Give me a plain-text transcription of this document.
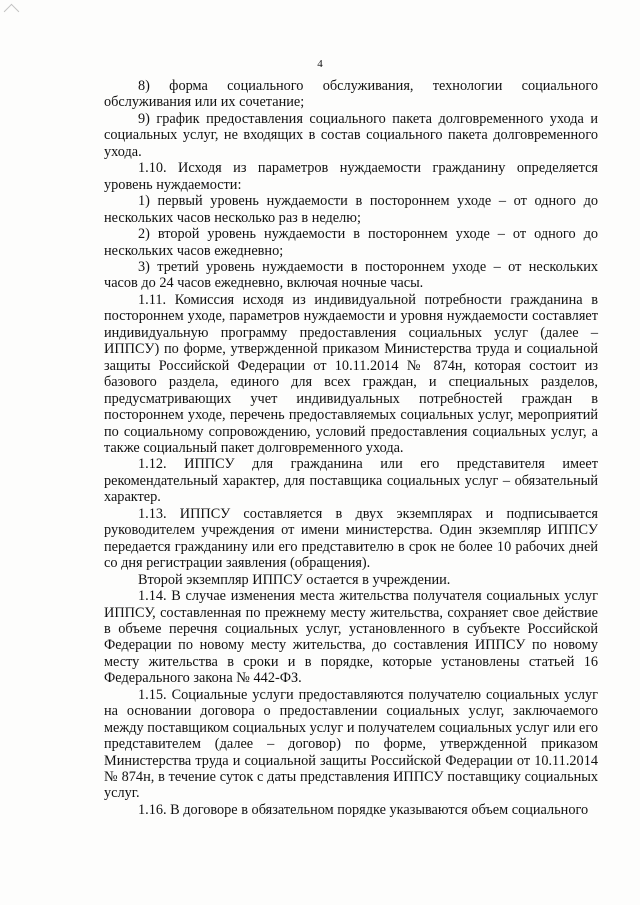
4

8) форма социального обслуживания, технологии социального обслуживания или их сочетание;

9) график предоставления социального пакета долговременного ухода и социальных услуг, не входящих в состав социального пакета долговременного ухода.

1.10. Исходя из параметров нуждаемости гражданину определяется уровень нуждаемости:

1) первый уровень нуждаемости в постороннем уходе – от одного до нескольких часов несколько раз в неделю;

2) второй уровень нуждаемости в постороннем уходе – от одного до нескольких часов ежедневно;

3) третий уровень нуждаемости в постороннем уходе – от нескольких часов до 24 часов ежедневно, включая ночные часы.

1.11. Комиссия исходя из индивидуальной потребности гражданина в постороннем уходе, параметров нуждаемости и уровня нуждаемости составляет индивидуальную программу предоставления социальных услуг (далее – ИППСУ) по форме, утвержденной приказом Министерства труда и социальной защиты Российской Федерации от 10.11.2014 № 874н, которая состоит из базового раздела, единого для всех граждан, и специальных разделов, предусматривающих учет индивидуальных потребностей граждан в постороннем уходе, перечень предоставляемых социальных услуг, мероприятий по социальному сопровождению, условий предоставления социальных услуг, а также социальный пакет долговременного ухода.

1.12. ИППСУ для гражданина или его представителя имеет рекомендательный характер, для поставщика социальных услуг – обязательный характер.

1.13. ИППСУ составляется в двух экземплярах и подписывается руководителем учреждения от имени министерства. Один экземпляр ИППСУ передается гражданину или его представителю в срок не более 10 рабочих дней со дня регистрации заявления (обращения).

Второй экземпляр ИППСУ остается в учреждении.

1.14. В случае изменения места жительства получателя социальных услуг ИППСУ, составленная по прежнему месту жительства, сохраняет свое действие в объеме перечня социальных услуг, установленного в субъекте Российской Федерации по новому месту жительства, до составления ИППСУ по новому месту жительства в сроки и в порядке, которые установлены статьей 16 Федерального закона № 442-ФЗ.

1.15. Социальные услуги предоставляются получателю социальных услуг на основании договора о предоставлении социальных услуг, заключаемого между поставщиком социальных услуг и получателем социальных услуг или его представителем (далее – договор) по форме, утвержденной приказом Министерства труда и социальной защиты Российской Федерации от 10.11.2014 № 874н, в течение суток с даты представления ИППСУ поставщику социальных услуг.

1.16. В договоре в обязательном порядке указываются объем социального
